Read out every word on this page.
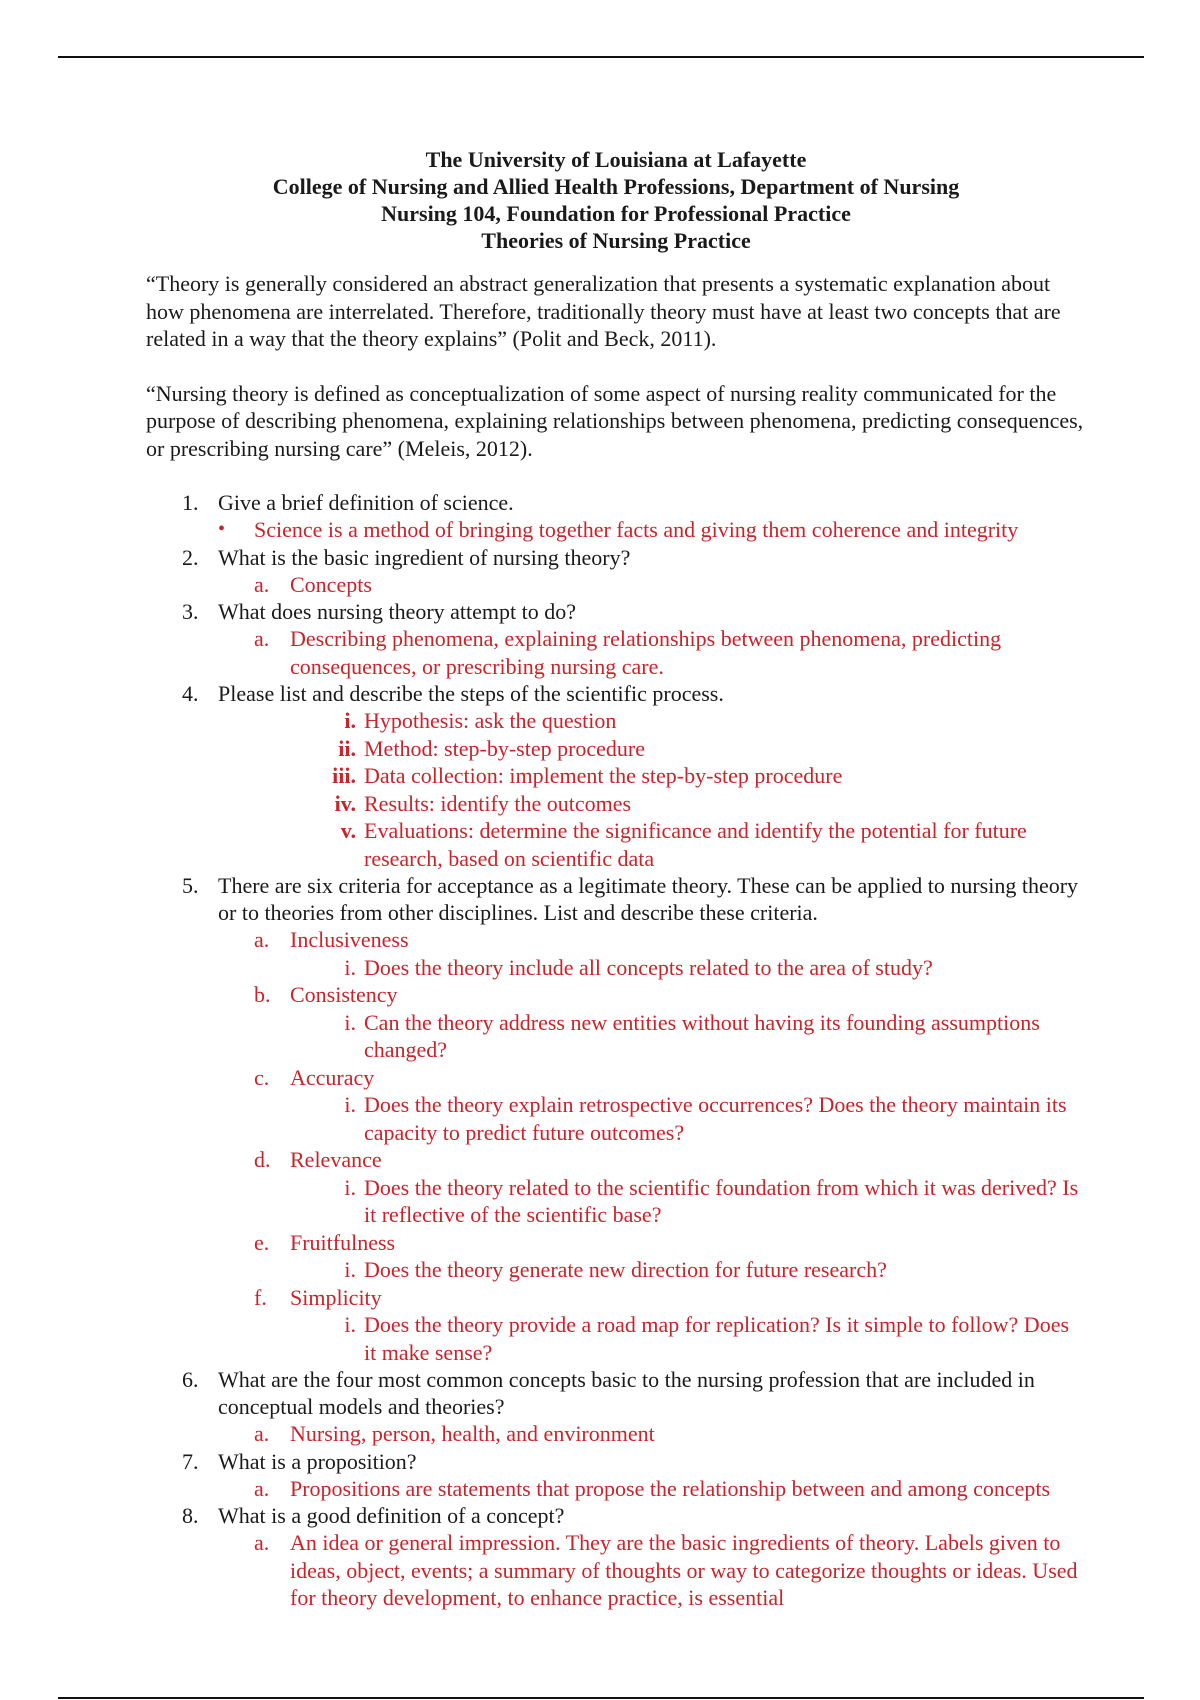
The University of Louisiana at Lafayette
College of Nursing and Allied Health Professions, Department of Nursing
Nursing 104, Foundation for Professional Practice
Theories of Nursing Practice

“Theory is generally considered an abstract generalization that presents a systematic explanation about how phenomena are interrelated. Therefore, traditionally theory must have at least two concepts that are related in a way that the theory explains” (Polit and Beck, 2011).

“Nursing theory is defined as conceptualization of some aspect of nursing reality communicated for the purpose of describing phenomena, explaining relationships between phenomena, predicting consequences, or prescribing nursing care” (Meleis, 2012).

1. Give a brief definition of science.
• Science is a method of bringing together facts and giving them coherence and integrity
2. What is the basic ingredient of nursing theory?
a. Concepts
3. What does nursing theory attempt to do?
a. Describing phenomena, explaining relationships between phenomena, predicting consequences, or prescribing nursing care.
4. Please list and describe the steps of the scientific process.
i. Hypothesis: ask the question
ii. Method: step-by-step procedure
iii. Data collection: implement the step-by-step procedure
iv. Results: identify the outcomes
v. Evaluations: determine the significance and identify the potential for future research, based on scientific data
5. There are six criteria for acceptance as a legitimate theory. These can be applied to nursing theory or to theories from other disciplines. List and describe these criteria.
a. Inclusiveness
i. Does the theory include all concepts related to the area of study?
b. Consistency
i. Can the theory address new entities without having its founding assumptions changed?
c. Accuracy
i. Does the theory explain retrospective occurrences? Does the theory maintain its capacity to predict future outcomes?
d. Relevance
i. Does the theory related to the scientific foundation from which it was derived? Is it reflective of the scientific base?
e. Fruitfulness
i. Does the theory generate new direction for future research?
f. Simplicity
i. Does the theory provide a road map for replication? Is it simple to follow? Does it make sense?
6. What are the four most common concepts basic to the nursing profession that are included in conceptual models and theories?
a. Nursing, person, health, and environment
7. What is a proposition?
a. Propositions are statements that propose the relationship between and among concepts
8. What is a good definition of a concept?
a. An idea or general impression. They are the basic ingredients of theory. Labels given to ideas, object, events; a summary of thoughts or way to categorize thoughts or ideas. Used for theory development, to enhance practice, is essential
